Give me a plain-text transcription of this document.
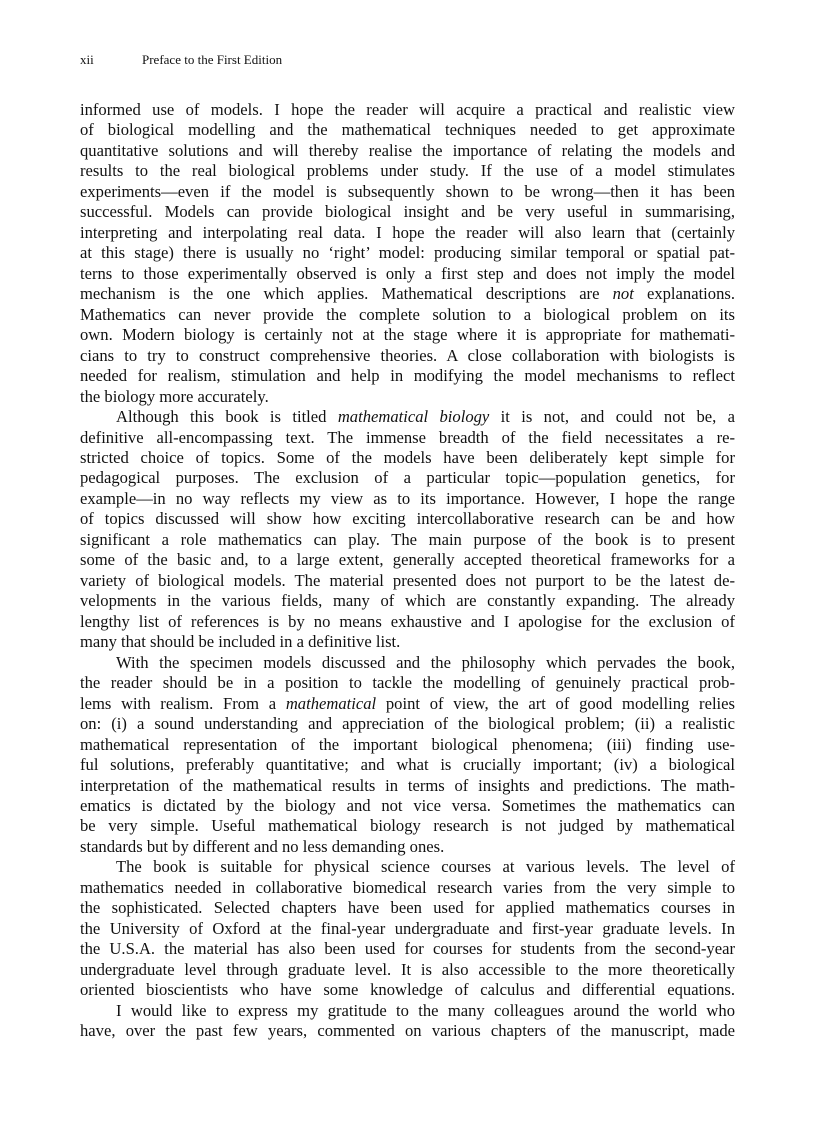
xii	Preface to the First Edition
informed use of models. I hope the reader will acquire a practical and realistic view
of biological modelling and the mathematical techniques needed to get approximate
quantitative solutions and will thereby realise the importance of relating the models and
results to the real biological problems under study. If the use of a model stimulates
experiments—even if the model is subsequently shown to be wrong—then it has been
successful. Models can provide biological insight and be very useful in summarising,
interpreting and interpolating real data. I hope the reader will also learn that (certainly
at this stage) there is usually no ‘right’ model: producing similar temporal or spatial pat-
terns to those experimentally observed is only a first step and does not imply the model
mechanism is the one which applies. Mathematical descriptions are not explanations.
Mathematics can never provide the complete solution to a biological problem on its
own. Modern biology is certainly not at the stage where it is appropriate for mathemati-
cians to try to construct comprehensive theories. A close collaboration with biologists is
needed for realism, stimulation and help in modifying the model mechanisms to reflect
the biology more accurately.
Although this book is titled mathematical biology it is not, and could not be, a
definitive all-encompassing text. The immense breadth of the field necessitates a re-
stricted choice of topics. Some of the models have been deliberately kept simple for
pedagogical purposes. The exclusion of a particular topic—population genetics, for
example—in no way reflects my view as to its importance. However, I hope the range
of topics discussed will show how exciting intercollaborative research can be and how
significant a role mathematics can play. The main purpose of the book is to present
some of the basic and, to a large extent, generally accepted theoretical frameworks for a
variety of biological models. The material presented does not purport to be the latest de-
velopments in the various fields, many of which are constantly expanding. The already
lengthy list of references is by no means exhaustive and I apologise for the exclusion of
many that should be included in a definitive list.
With the specimen models discussed and the philosophy which pervades the book,
the reader should be in a position to tackle the modelling of genuinely practical prob-
lems with realism. From a mathematical point of view, the art of good modelling relies
on: (i) a sound understanding and appreciation of the biological problem; (ii) a realistic
mathematical representation of the important biological phenomena; (iii) finding use-
ful solutions, preferably quantitative; and what is crucially important; (iv) a biological
interpretation of the mathematical results in terms of insights and predictions. The math-
ematics is dictated by the biology and not vice versa. Sometimes the mathematics can
be very simple. Useful mathematical biology research is not judged by mathematical
standards but by different and no less demanding ones.
The book is suitable for physical science courses at various levels. The level of
mathematics needed in collaborative biomedical research varies from the very simple to
the sophisticated. Selected chapters have been used for applied mathematics courses in
the University of Oxford at the final-year undergraduate and first-year graduate levels. In
the U.S.A. the material has also been used for courses for students from the second-year
undergraduate level through graduate level. It is also accessible to the more theoretically
oriented bioscientists who have some knowledge of calculus and differential equations.
I would like to express my gratitude to the many colleagues around the world who
have, over the past few years, commented on various chapters of the manuscript, made
